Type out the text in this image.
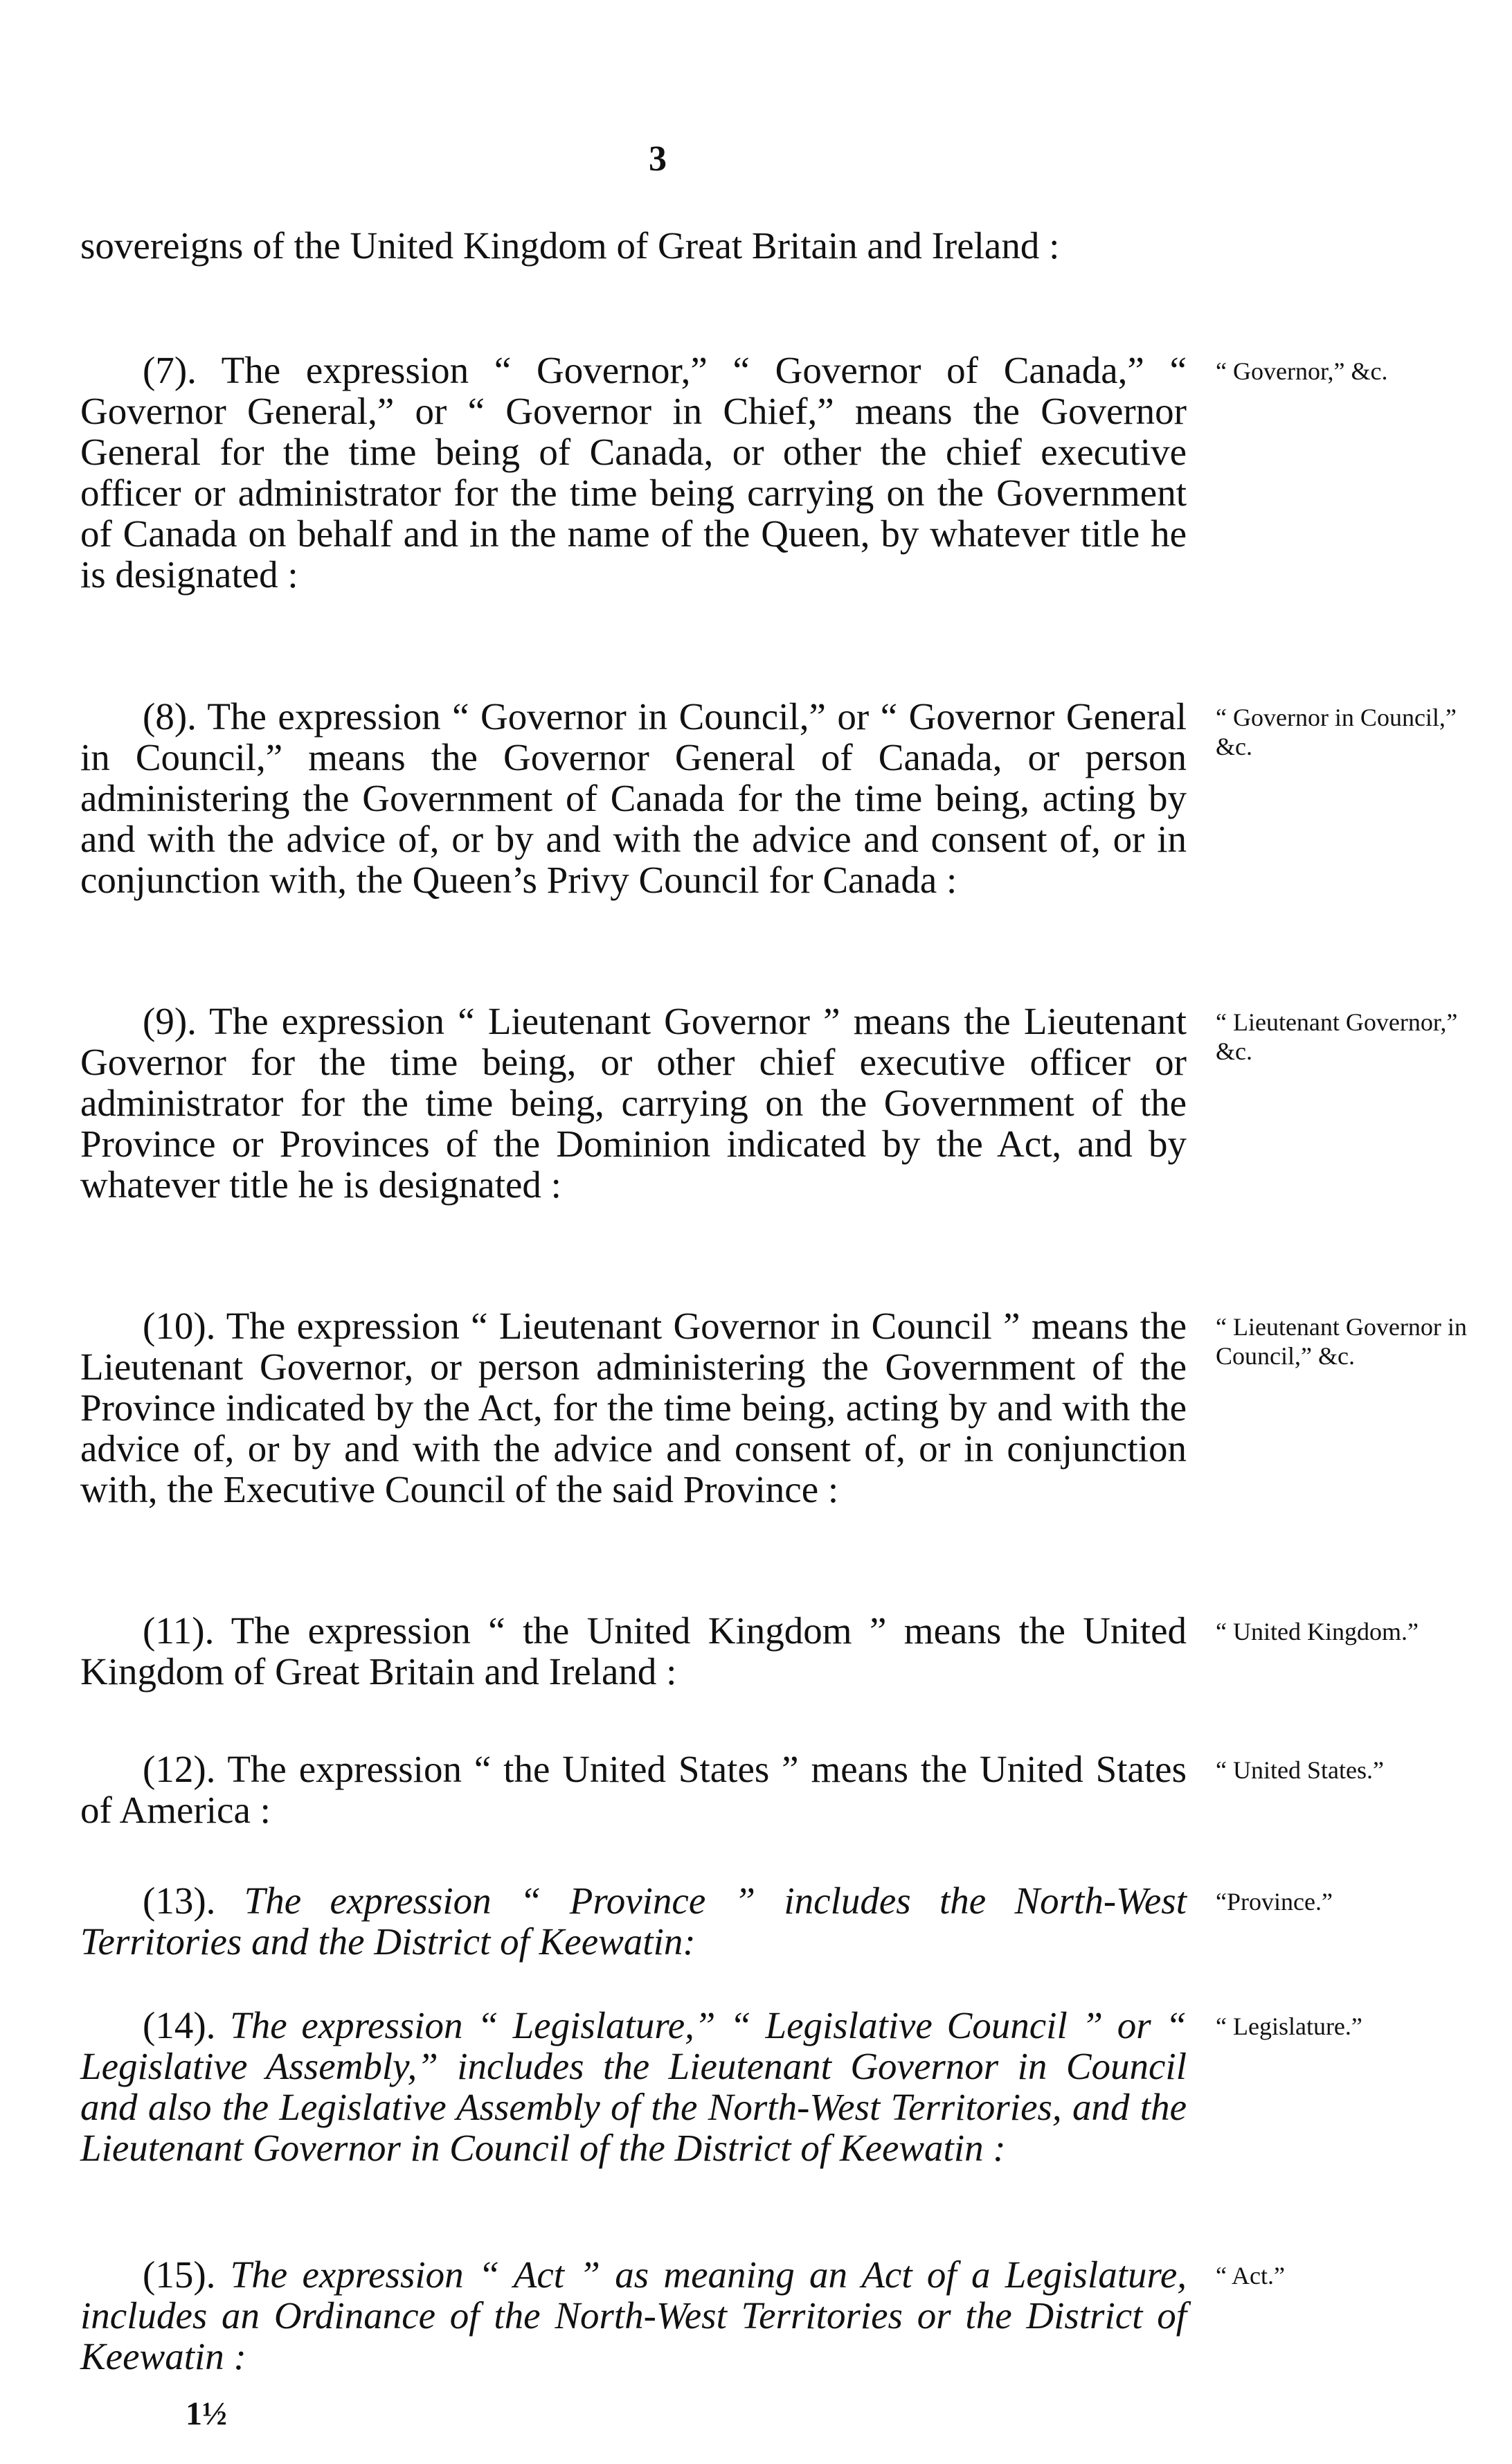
3
sovereigns of the United Kingdom of Great Britain and Ireland :
(7). The expression “ Governor,” “ Governor of Canada,” “ Governor General,” or “ Governor in Chief,” means the Governor General for the time being of Canada, or other the chief executive officer or administrator for the time being carrying on the Government of Canada on behalf and in the name of the Queen, by whatever title he is designated :
“ Governor,” &c.
(8). The expression “ Governor in Council,” or “ Governor General in Council,” means the Governor General of Canada, or person administering the Government of Canada for the time being, acting by and with the advice of, or by and with the advice and consent of, or in conjunction with, the Queen’s Privy Council for Canada :
“ Governor in Council,” &c.
(9). The expression “ Lieutenant Governor ” means the Lieutenant Governor for the time being, or other chief executive officer or administrator for the time being, carrying on the Government of the Province or Provinces of the Dominion indicated by the Act, and by whatever title he is designated :
“ Lieutenant Governor,” &c.
(10). The expression “ Lieutenant Governor in Council ” means the Lieutenant Governor, or person administering the Government of the Province indicated by the Act, for the time being, acting by and with the advice of, or by and with the advice and consent of, or in conjunction with, the Executive Council of the said Province :
“ Lieutenant Governor in Council,” &c.
(11). The expression “ the United Kingdom ” means the United Kingdom of Great Britain and Ireland :
“ United Kingdom.”
(12). The expression “ the United States ” means the United States of America :
“ United States.”
(13). The expression “ Province ” includes the North-West Territories and the District of Keewatin:
“Province.”
(14). The expression “ Legislature,” “ Legislative Council ” or “ Legislative Assembly,” includes the Lieutenant Governor in Council and also the Legislative Assembly of the North-West Territories, and the Lieutenant Governor in Council of the District of Keewatin :
“ Legislature.”
(15). The expression “ Act ” as meaning an Act of a Legislature, includes an Ordinance of the North-West Territories or the District of Keewatin :
“ Act.”
1½
